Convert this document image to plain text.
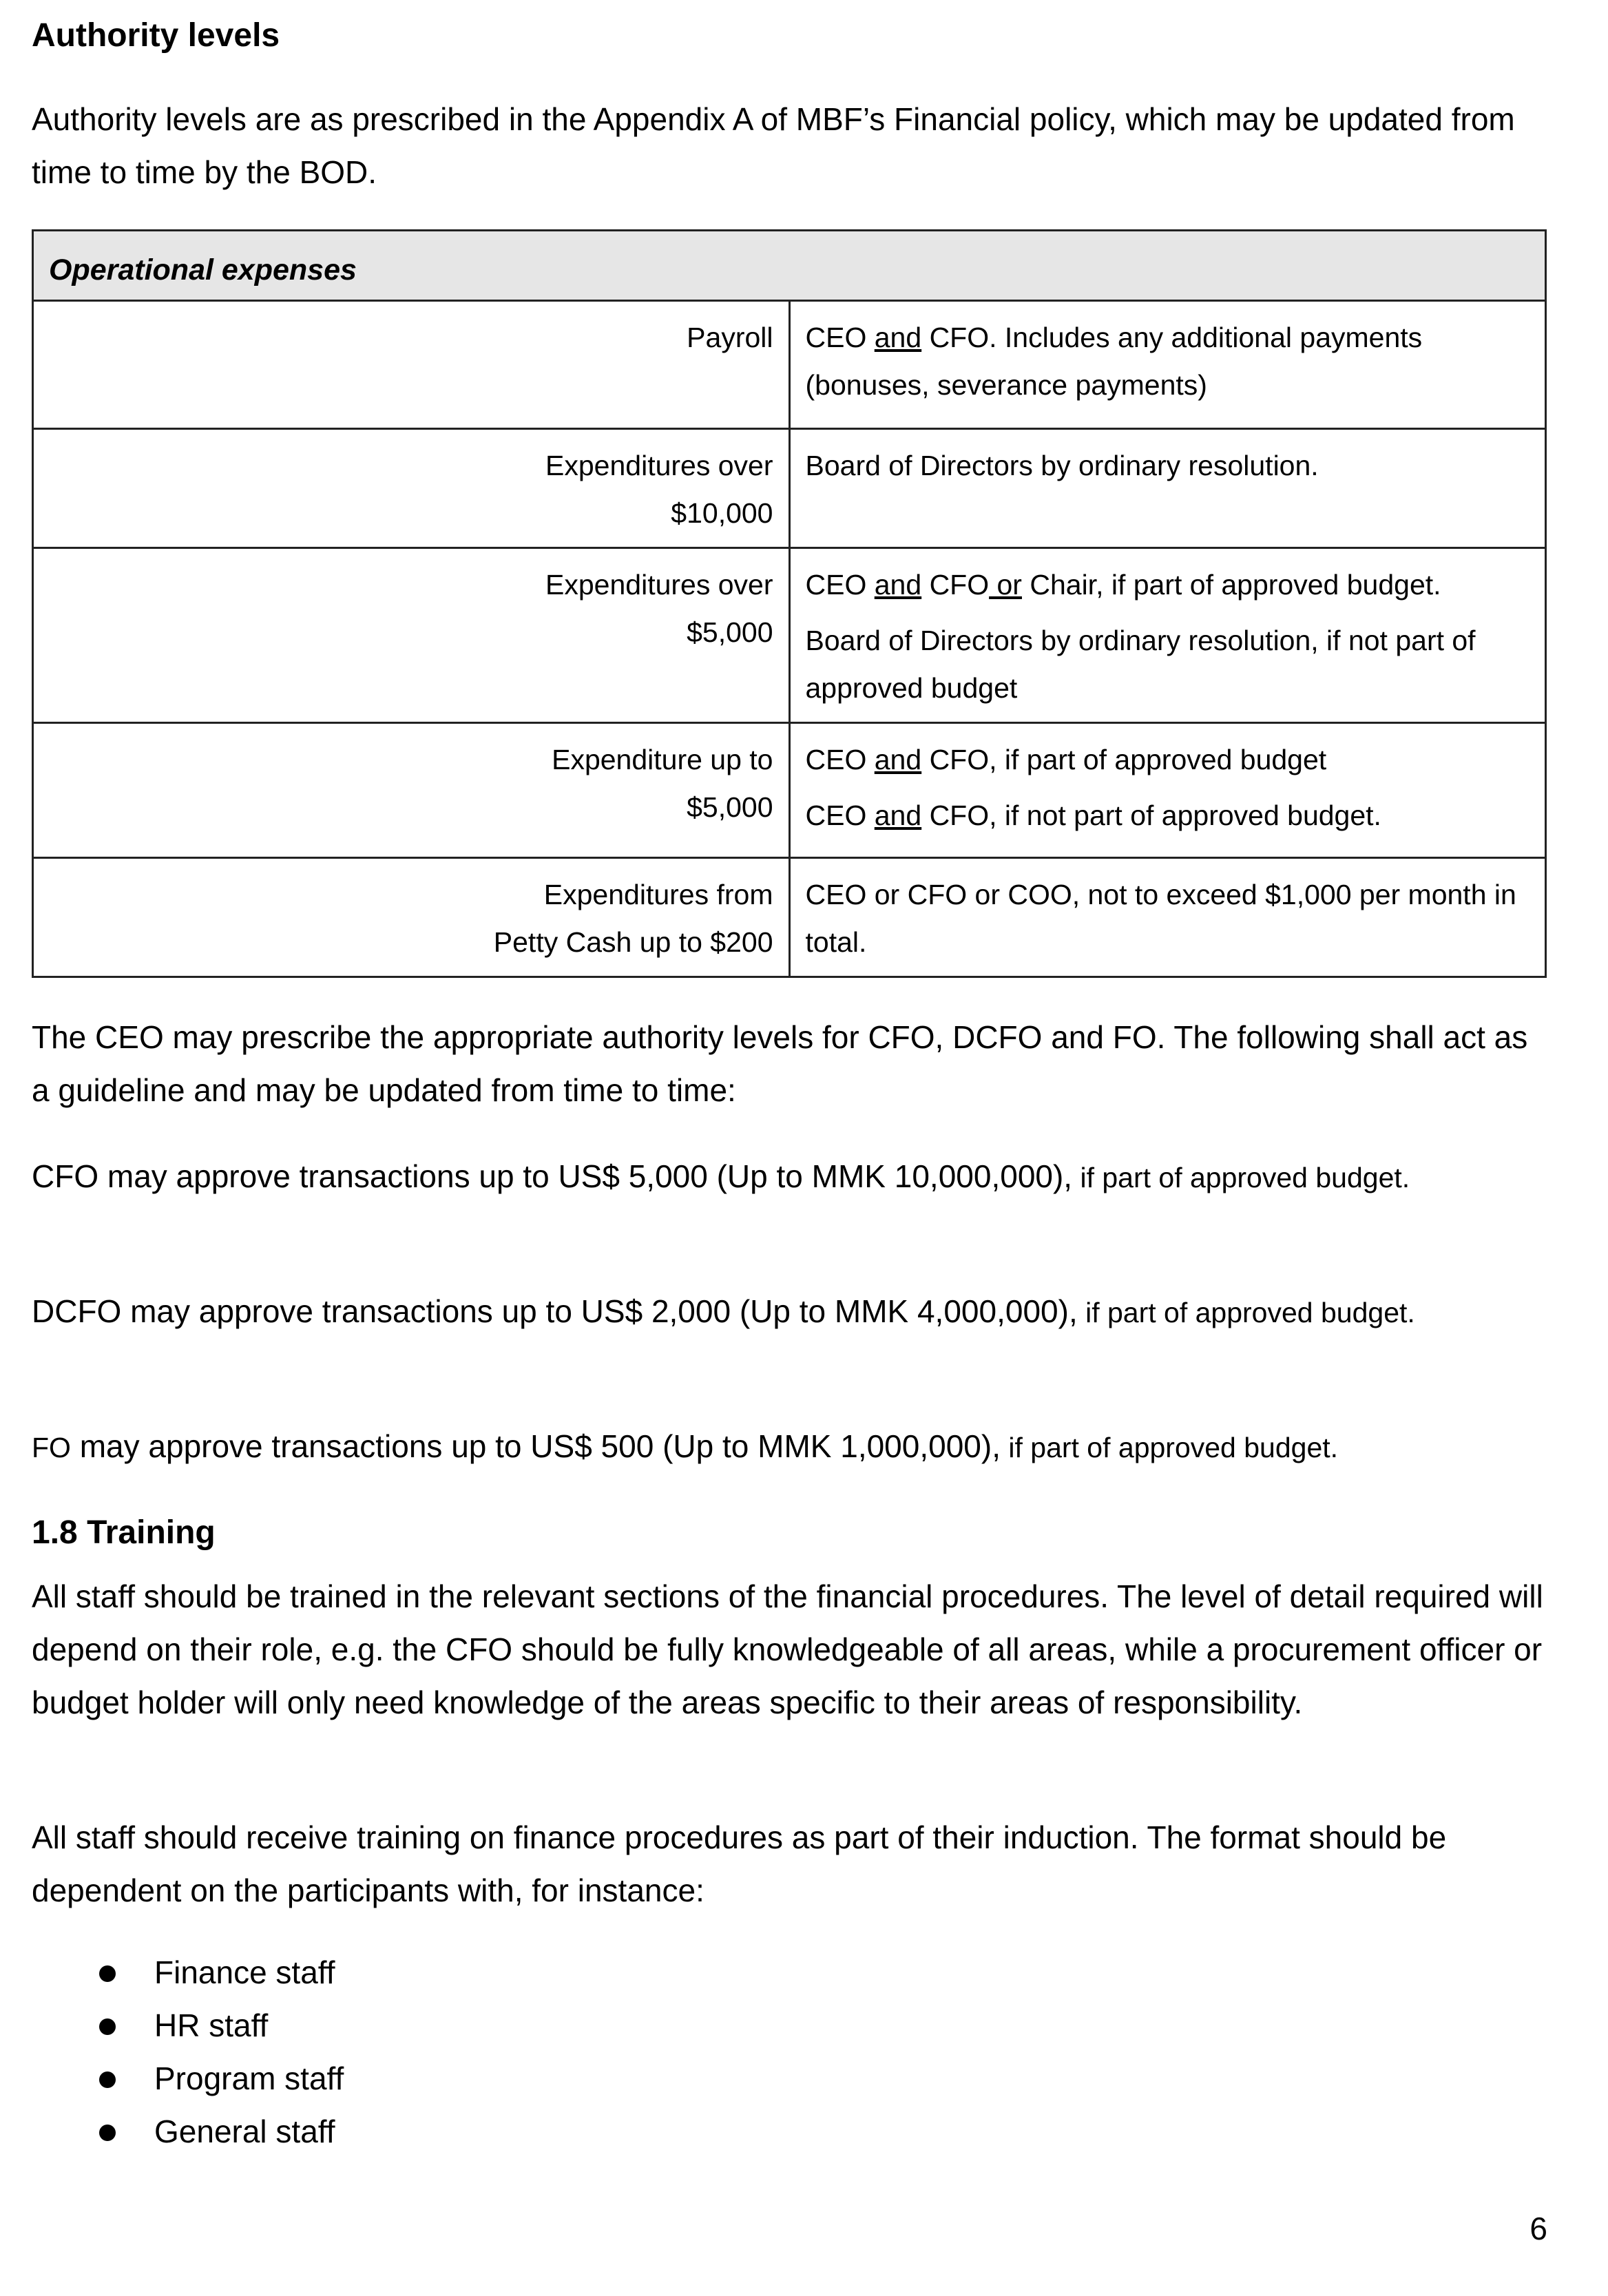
Authority levels

Authority levels are as prescribed in the Appendix A of MBF’s Financial policy, which may be updated from time to time by the BOD.

Operational expenses	
Payroll	CEO and CFO. Includes any additional payments (bonuses, severance payments)
Expenditures over
$10,000	Board of Directors by ordinary resolution.
Expenditures over
$5,000	CEO and CFO or Chair, if part of approved budget.
Board of Directors by ordinary resolution, if not part of approved budget

Expenditure up to
$5,000	CEO and CFO, if part of approved budget
CEO and CFO, if not part of approved budget.

Expenditures from
Petty Cash up to $200	CEO or CFO or COO, not to exceed $1,000 per month in total.

The CEO may prescribe the appropriate authority levels for CFO, DCFO and FO. The following shall act as a guideline and may be updated from time to time:

CFO may approve transactions up to US$ 5,000 (Up to MMK 10,000,000), if part of approved budget.

DCFO may approve transactions up to US$ 2,000 (Up to MMK 4,000,000), if part of approved budget.

FO may approve transactions up to US$ 500 (Up to MMK 1,000,000), if part of approved budget.

1.8 Training

All staff should be trained in the relevant sections of the financial procedures. The level of detail required will depend on their role, e.g. the CFO should be fully knowledgeable of all areas, while a procurement officer or budget holder will only need knowledge of the areas specific to their areas of responsibility.

All staff should receive training on finance procedures as part of their induction. The format should be dependent on the participants with, for instance:

Finance staff
HR staff
Program staff
General staff
6
